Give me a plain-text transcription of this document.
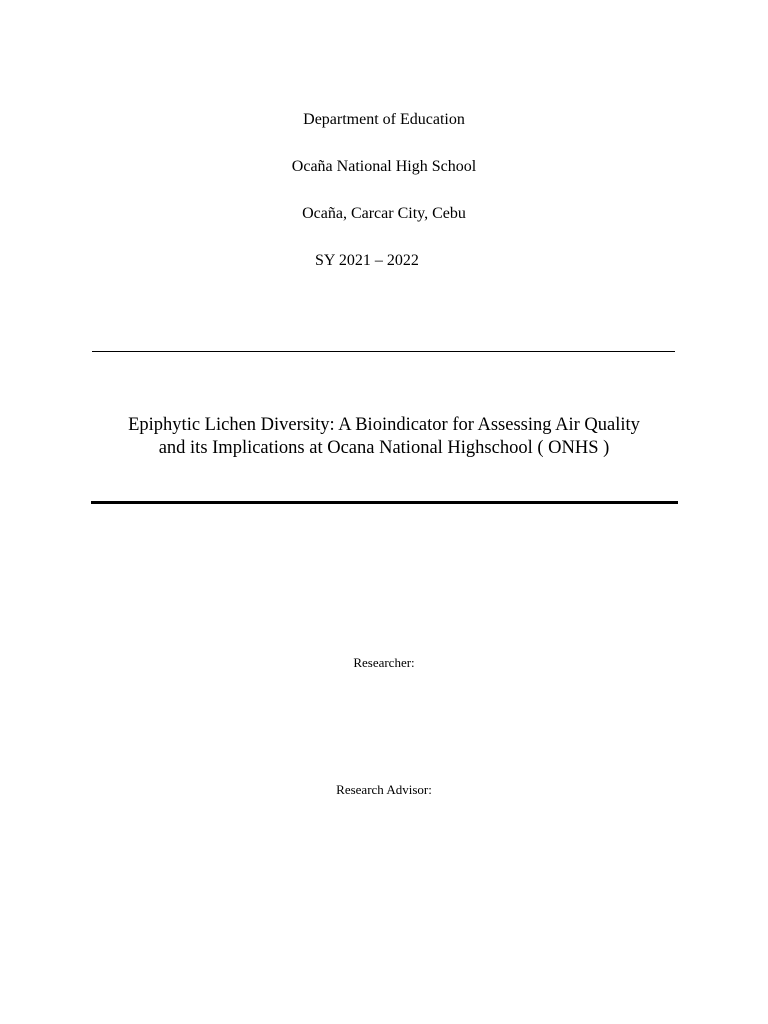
Department of Education
Ocaña National High School
Ocaña, Carcar City, Cebu
SY 2021 – 2022
Epiphytic Lichen Diversity: A Bioindicator for Assessing Air Quality
and its Implications at Ocana National Highschool ( ONHS )
Researcher:
Research Advisor:
